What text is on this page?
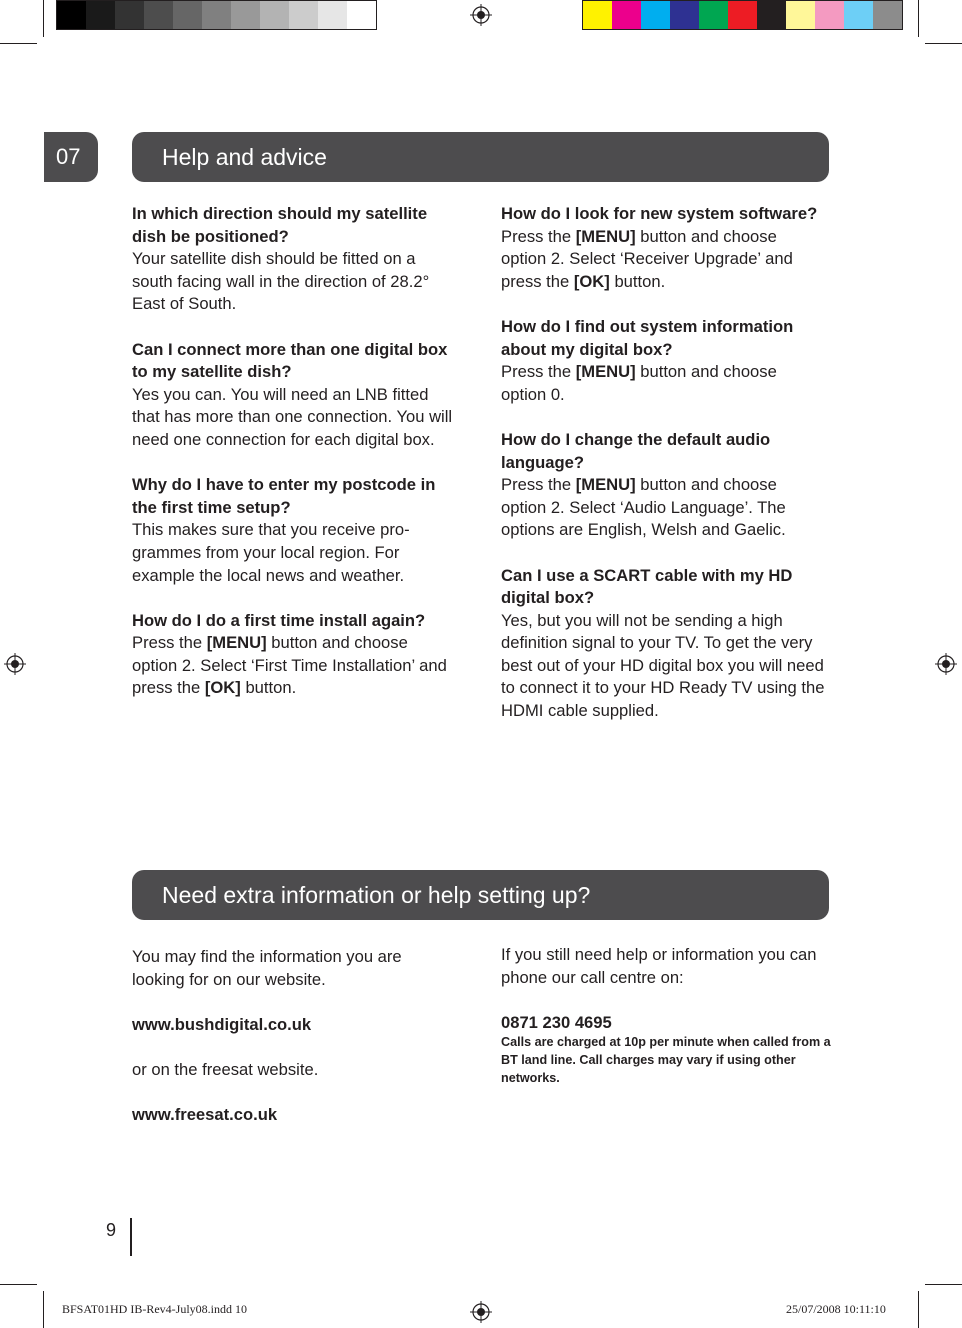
07	Help and advice
In which direction should my satellite dish be positioned?
Your satellite dish should be fitted on a south facing wall in the direction of 28.2° East of South.
Can I connect more than one digital box to my satellite dish?
Yes you can. You will need an LNB fitted that has more than one connection. You will need one connection for each digital box.
Why do I have to enter my postcode in the first time setup?
This makes sure that you receive pro-grammes from your local region. For example the local news and weather.
How do I do a first time install again?
Press the [MENU] button and choose option 2. Select ‘First Time Installation’ and press the [OK] button.
How do I look for new system software?
Press the [MENU] button and choose option 2. Select ‘Receiver Upgrade’ and press the [OK] button.
How do I find out system information about my digital box?
Press the [MENU] button and choose option 0.
How do I change the default audio language?
Press the [MENU] button and choose option 2. Select ‘Audio Language’. The options are English, Welsh and Gaelic.
Can I use a SCART cable with my HD digital box?
Yes, but you will not be sending a high definition signal to your TV. To get the very best out of your HD digital box you will need to connect it to your HD Ready TV using the HDMI cable supplied.
Need extra information or help setting up?
You may find the information you are looking for on our website.
www.bushdigital.co.uk
or on the freesat website.
www.freesat.co.uk
If you still need help or information you can phone our call centre on:
0871 230 4695
Calls are charged at 10p per minute when called from a BT land line. Call charges may vary if using other networks.
9
BFSAT01HD IB-Rev4-July08.indd 10	25/07/2008 10:11:10
